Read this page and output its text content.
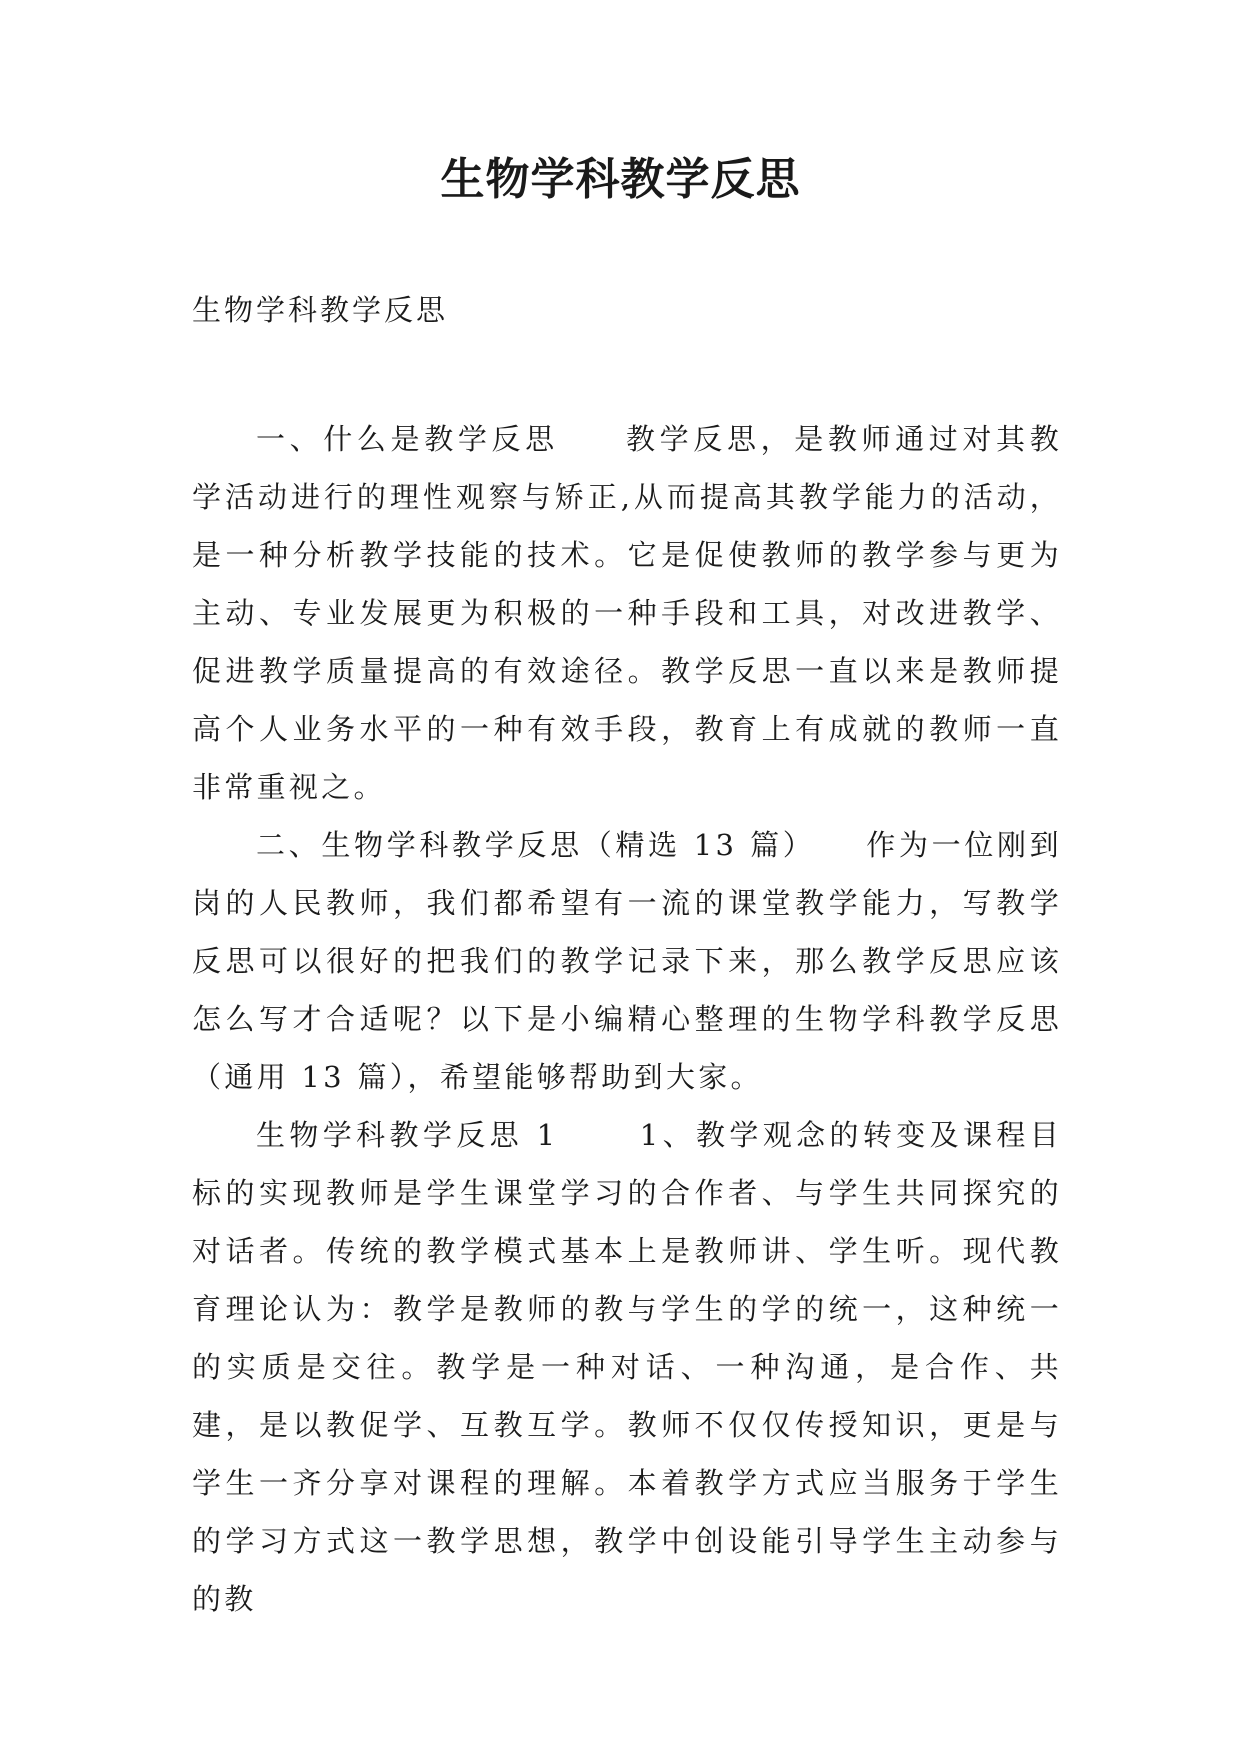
生物学科教学反思

生物学科教学反思

一、什么是教学反思　　教学反思，是教师通过对其教学活动进行的理性观察与矫正,从而提高其教学能力的活动，是一种分析教学技能的技术。它是促使教师的教学参与更为主动、专业发展更为积极的一种手段和工具，对改进教学、促进教学质量提高的有效途径。教学反思一直以来是教师提高个人业务水平的一种有效手段，教育上有成就的教师一直非常重视之。

二、生物学科教学反思（精选 13 篇）　　作为一位刚到岗的人民教师，我们都希望有一流的课堂教学能力，写教学反思可以很好的把我们的教学记录下来，那么教学反思应该怎么写才合适呢？以下是小编精心整理的生物学科教学反思（通用 13 篇），希望能够帮助到大家。

生物学科教学反思 1　　 1、教学观念的转变及课程目标的实现教师是学生课堂学习的合作者、与学生共同探究的对话者。传统的教学模式基本上是教师讲、学生听。现代教育理论认为：教学是教师的教与学生的学的统一，这种统一的实质是交往。教学是一种对话、一种沟通，是合作、共建，是以教促学、互教互学。教师不仅仅传授知识，更是与学生一齐分享对课程的理解。本着教学方式应当服务于学生的学习方式这一教学思想，教学中创设能引导学生主动参与的教
